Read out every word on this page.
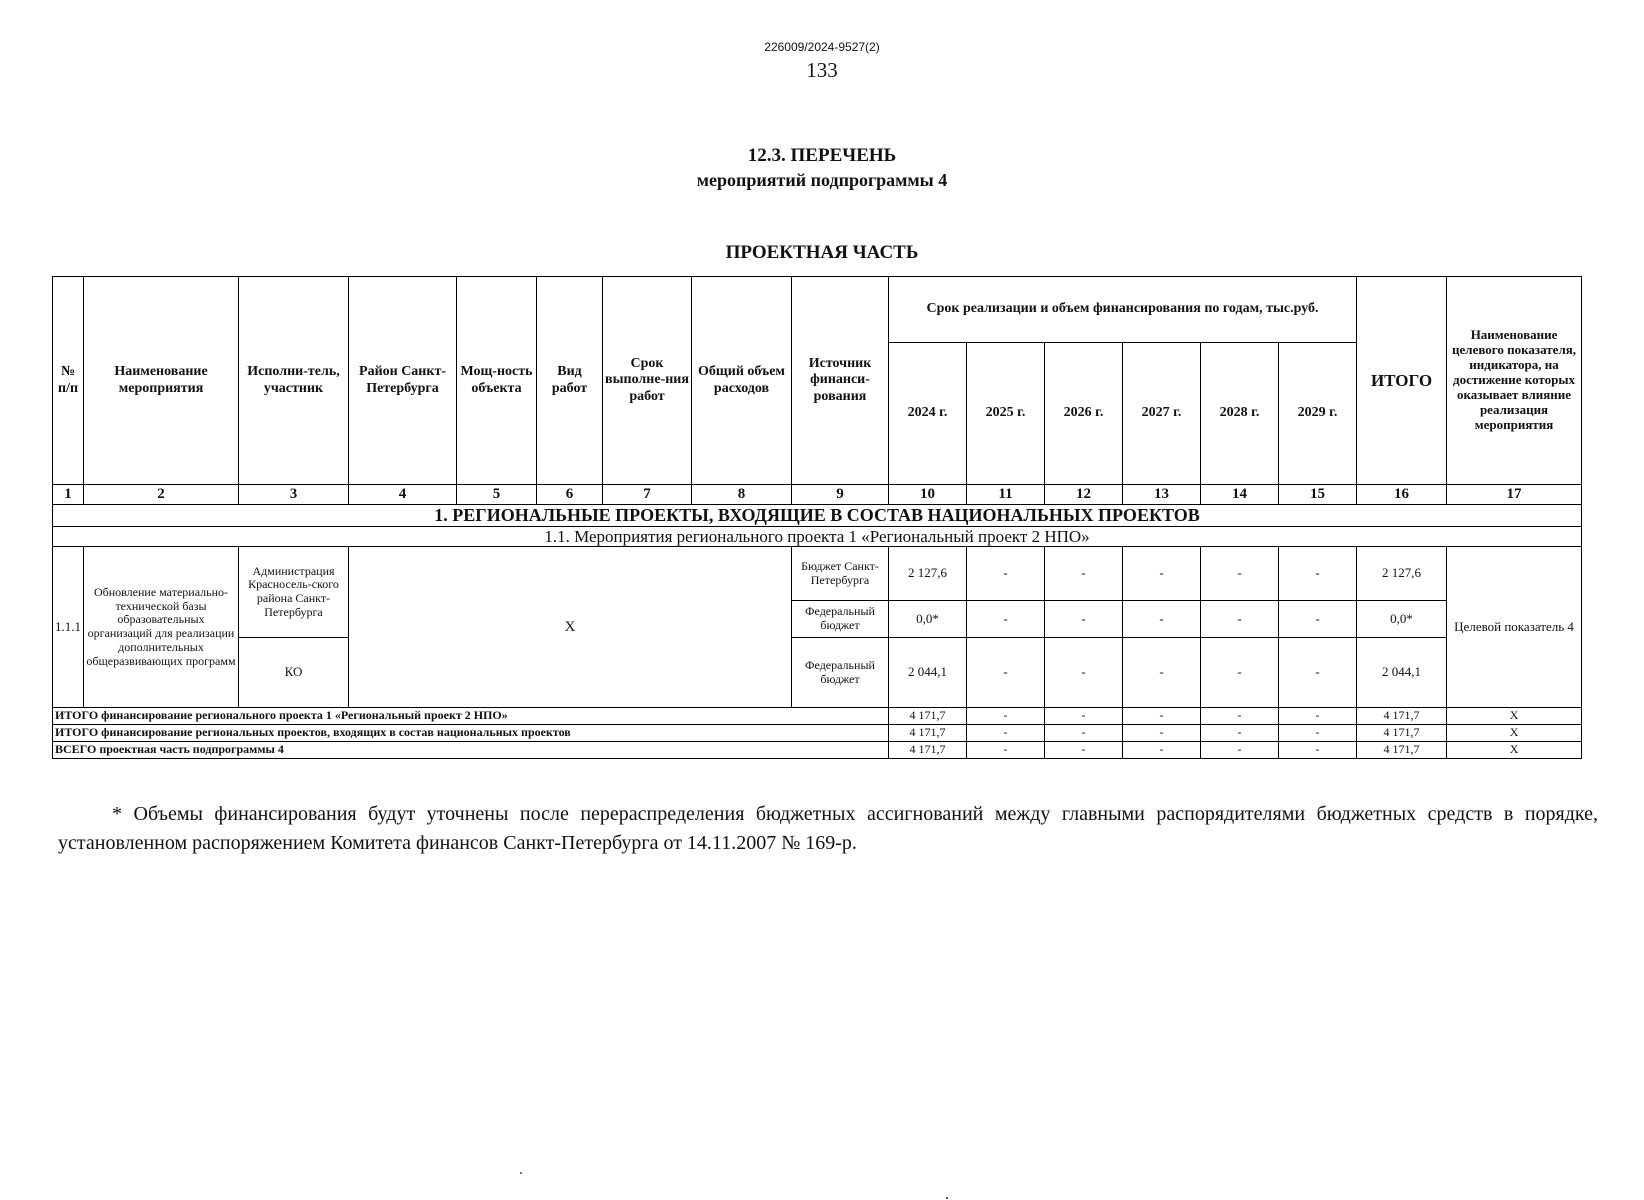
226009/2024-9527(2)
133
12.3. ПЕРЕЧЕНЬ
мероприятий подпрограммы 4
ПРОЕКТНАЯ ЧАСТЬ
№ п/п	Наименование мероприятия	Исполни-тель, участник	Район Санкт-Петербурга	Мощ-ность объекта	Вид работ	Срок выполне-ния работ	Общий объем расходов	Источник финанси-рования	Срок реализации и объем финансирования по годам, тыс.руб.						ИТОГО	Наименование целевого показателя, индикатора, на достижение которых оказывает влияние реализация мероприятия
									2024 г.	2025 г.	2026 г.	2027 г.	2028 г.	2029 г.		
1	2	3	4	5	6	7	8	9	10	11	12	13	14	15	16	17
1. РЕГИОНАЛЬНЫЕ ПРОЕКТЫ, ВХОДЯЩИЕ В СОСТАВ НАЦИОНАЛЬНЫХ ПРОЕКТОВ																
1.1. Мероприятия регионального проекта 1 «Региональный проект 2 НПО»																
1.1.1	Обновление материально-технической базы образовательных организаций для реализации дополнительных общеразвивающих программ	Администрация Красносель-ского района Санкт-Петербурга	Х					Бюджет Санкт-Петербурга	2 127,6	-	-	-	-	-	2 127,6	Целевой показатель 4
								Федеральный бюджет	0,0*	-	-	-	-	-	0,0*	
		КО						Федеральный бюджет	2 044,1	-	-	-	-	-	2 044,1	
ИТОГО финансирование регионального проекта 1 «Региональный проект 2 НПО»									4 171,7	-	-	-	-	-	4 171,7	Х
ИТОГО финансирование региональных проектов, входящих в состав национальных проектов									4 171,7	-	-	-	-	-	4 171,7	Х
ВСЕГО проектная часть подпрограммы 4									4 171,7	-	-	-	-	-	4 171,7	Х
* Объемы финансирования будут уточнены после перераспределения бюджетных ассигнований между главными распорядителями бюджетных средств в порядке, установленном распоряжением Комитета финансов Санкт-Петербурга от 14.11.2007 № 169-р.
